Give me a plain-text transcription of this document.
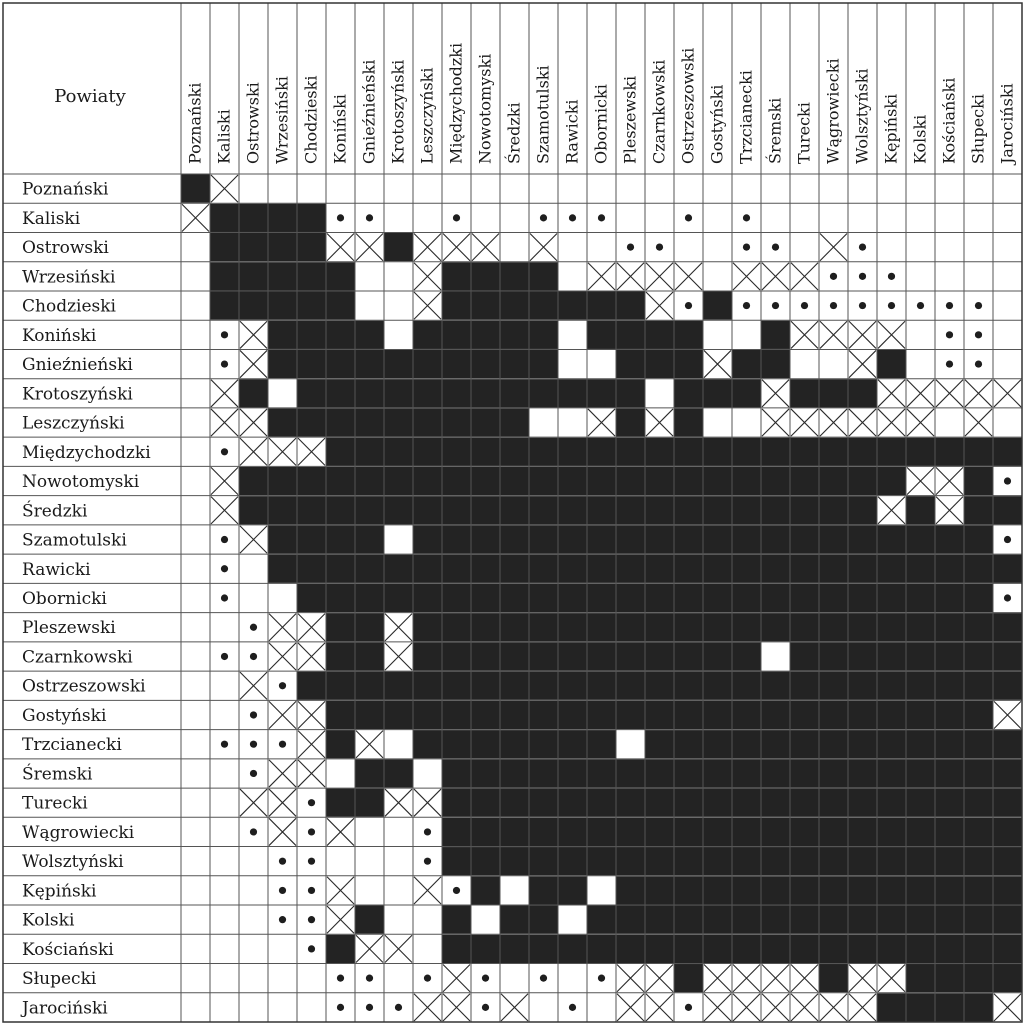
Powiaty
Poznański
Kaliski
Ostrowski
Wrzesiński
Chodzieski
Koniński
Gnieźnieński
Krotoszyński
Leszczyński
Międzychodzki
Nowotomyski
Średzki
Szamotulski
Rawicki
Obornicki
Pleszewski
Czarnkowski
Ostrzeszowski
Gostyński
Trzcianecki
Śremski
Turecki
Wągrowiecki
Wolsztyński
Kępiński
Kolski
Kościański
Słupecki
Jarociński
Poznański Kaliski Ostrowski Wrzesiński Chodzieski Koniński Gnieźnieński Krotoszyński Leszczyński Międzychodzki Nowotomyski Średzki Szamotulski Rawicki Obornicki Pleszewski Czarnkowski Ostrzeszowski Gostyński Trzcianecki Śremski Turecki Wągrowiecki Wolsztyński Kępiński Kolski Kościański Słupecki Jarociński
